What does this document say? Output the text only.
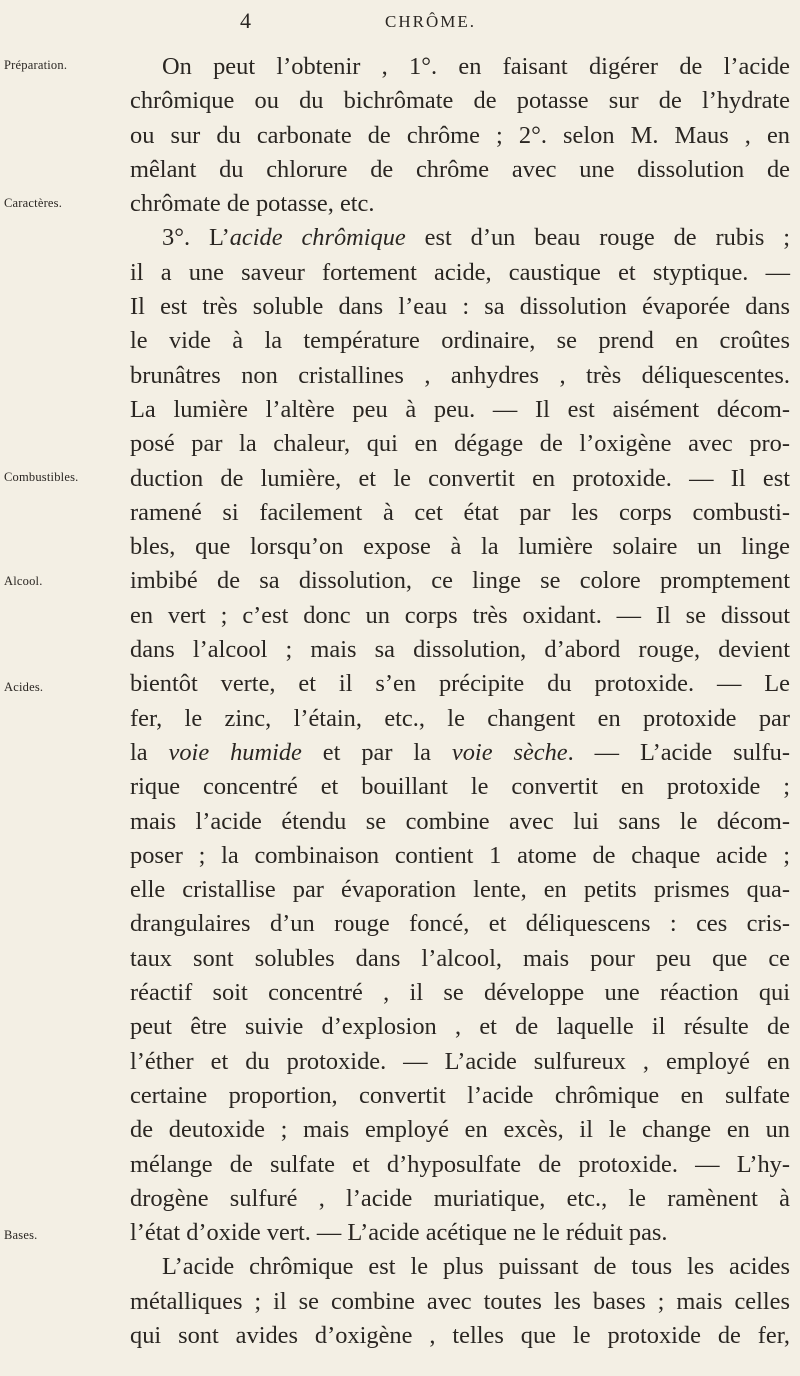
4	CHRÔME.
Préparation.
Caractères.
Combustibles.
Alcool.
Acides.
Bases.
On peut l’obtenir , 1°. en faisant digérer de l’acide
chrômique ou du bichrômate de potasse sur de l’hydrate
ou sur du carbonate de chrôme ; 2°. selon M. Maus , en
mêlant du chlorure de chrôme avec une dissolution de
chrômate de potasse, etc.
3°. L’acide chrômique est d’un beau rouge de rubis ;
il a une saveur fortement acide, caustique et styptique. —
Il est très soluble dans l’eau : sa dissolution évaporée dans
le vide à la température ordinaire, se prend en croûtes
brunâtres non cristallines , anhydres , très déliquescentes.
La lumière l’altère peu à peu. — Il est aisément décom-
posé par la chaleur, qui en dégage de l’oxigène avec pro-
duction de lumière, et le convertit en protoxide. — Il est
ramené si facilement à cet état par les corps combusti-
bles, que lorsqu’on expose à la lumière solaire un linge
imbibé de sa dissolution, ce linge se colore promptement
en vert ; c’est donc un corps très oxidant. — Il se dissout
dans l’alcool ; mais sa dissolution, d’abord rouge, devient
bientôt verte, et il s’en précipite du protoxide. — Le
fer, le zinc, l’étain, etc., le changent en protoxide par
la voie humide et par la voie sèche. — L’acide sulfu-
rique concentré et bouillant le convertit en protoxide ;
mais l’acide étendu se combine avec lui sans le décom-
poser ; la combinaison contient 1 atome de chaque acide ;
elle cristallise par évaporation lente, en petits prismes qua-
drangulaires d’un rouge foncé, et déliquescens : ces cris-
taux sont solubles dans l’alcool, mais pour peu que ce
réactif soit concentré , il se développe une réaction qui
peut être suivie d’explosion , et de laquelle il résulte de
l’éther et du protoxide. — L’acide sulfureux , employé en
certaine proportion, convertit l’acide chrômique en sulfate
de deutoxide ; mais employé en excès, il le change en un
mélange de sulfate et d’hyposulfate de protoxide. — L’hy-
drogène sulfuré , l’acide muriatique, etc., le ramènent à
l’état d’oxide vert. — L’acide acétique ne le réduit pas.
L’acide chrômique est le plus puissant de tous les acides
métalliques ; il se combine avec toutes les bases ; mais celles
qui sont avides d’oxigène , telles que le protoxide de fer,
